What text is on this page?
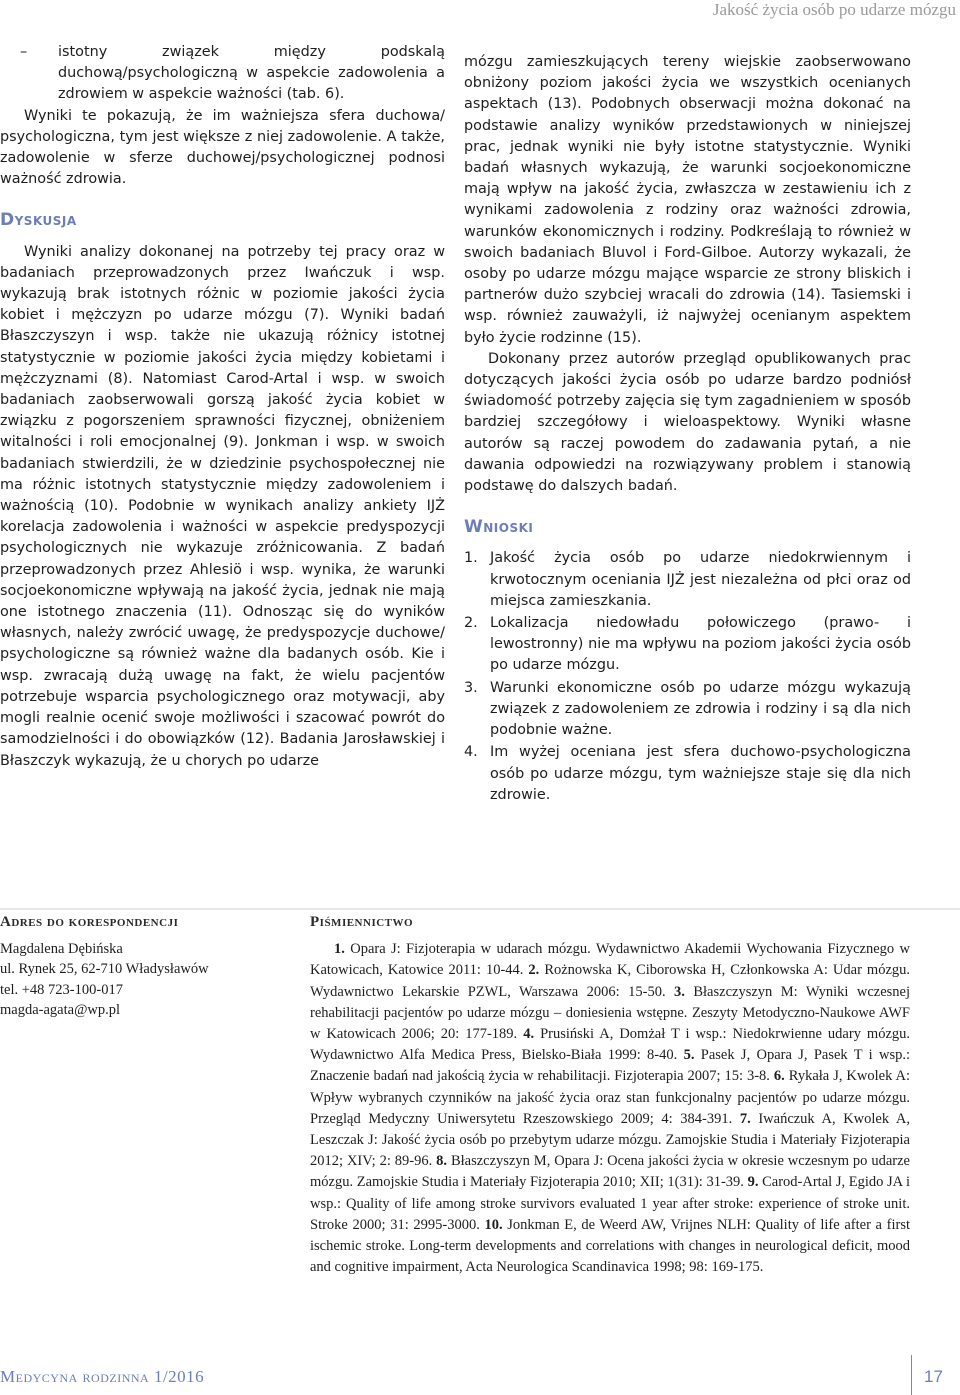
Jakość życia osób po udarze mózgu

– istotny związek między podskalą duchową/psychologiczną w aspekcie zadowolenia a zdrowiem w aspekcie ważności (tab. 6).

Wyniki te pokazują, że im ważniejsza sfera duchowa/ psychologiczna, tym jest większe z niej zadowolenie. A także, zadowolenie w sferze duchowej/psychologicznej podnosi ważność zdrowia.

Dyskusja

Wyniki analizy dokonanej na potrzeby tej pracy oraz w badaniach przeprowadzonych przez Iwańczuk i wsp. wykazują brak istotnych różnic w poziomie jakości życia kobiet i mężczyzn po udarze mózgu (7). Wyniki badań Błaszczyszyn i wsp. także nie ukazują różnicy istotnej statystycznie w poziomie jakości życia między kobietami i mężczyznami (8). Natomiast Carod-Artal i wsp. w swoich badaniach zaobserwowali gorszą jakość życia kobiet w związku z pogorszeniem sprawności fizycznej, obniżeniem witalności i roli emocjonalnej (9). Jonkman i wsp. w swoich badaniach stwierdzili, że w dziedzinie psychospołecznej nie ma różnic istotnych statystycznie między zadowoleniem i ważnością (10). Podobnie w wynikach analizy ankiety IJŻ korelacja zadowolenia i ważności w aspekcie predyspozycji psychologicznych nie wykazuje zróżnicowania. Z badań przeprowadzonych przez Ahlesiö i wsp. wynika, że warunki socjoekonomiczne wpływają na jakość życia, jednak nie mają one istotnego znaczenia (11). Odnosząc się do wyników własnych, należy zwrócić uwagę, że predyspozycje duchowe/ psychologiczne są również ważne dla badanych osób. Kie i wsp. zwracają dużą uwagę na fakt, że wielu pacjentów potrzebuje wsparcia psychologicznego oraz motywacji, aby mogli realnie ocenić swoje możliwości i szacować powrót do samodzielności i do obowiązków (12). Badania Jarosławskiej i Błaszczyk wykazują, że u chorych po udarze

mózgu zamieszkujących tereny wiejskie zaobserwowano obniżony poziom jakości życia we wszystkich ocenianych aspektach (13). Podobnych obserwacji można dokonać na podstawie analizy wyników przedstawionych w niniejszej prac, jednak wyniki nie były istotne statystycznie. Wyniki badań własnych wykazują, że warunki socjoekonomiczne mają wpływ na jakość życia, zwłaszcza w zestawieniu ich z wynikami zadowolenia z rodziny oraz ważności zdrowia, warunków ekonomicznych i rodziny. Podkreślają to również w swoich badaniach Bluvol i Ford-Gilboe. Autorzy wykazali, że osoby po udarze mózgu mające wsparcie ze strony bliskich i partnerów dużo szybciej wracali do zdrowia (14). Tasiemski i wsp. również zauważyli, iż najwyżej ocenianym aspektem było życie rodzinne (15).

Dokonany przez autorów przegląd opublikowanych prac dotyczących jakości życia osób po udarze bardzo podniósł świadomość potrzeby zajęcia się tym zagadnieniem w sposób bardziej szczegółowy i wieloaspektowy. Wyniki własne autorów są raczej powodem do zadawania pytań, a nie dawania odpowiedzi na rozwiązywany problem i stanowią podstawę do dalszych badań.

Wnioski
1. Jakość życia osób po udarze niedokrwiennym i krwotocznym oceniania IJŻ jest niezależna od płci oraz od miejsca zamieszkania.
2. Lokalizacja niedowładu połowiczego (prawo- i lewostronny) nie ma wpływu na poziom jakości życia osób po udarze mózgu.
3. Warunki ekonomiczne osób po udarze mózgu wykazują związek z zadowoleniem ze zdrowia i rodziny i są dla nich podobnie ważne.
4. Im wyżej oceniana jest sfera duchowo-psychologiczna osób po udarze mózgu, tym ważniejsze staje się dla nich zdrowie.
Adres do korespondencji
Magdalena Dębińska
ul. Rynek 25, 62-710 Władysławów
tel. +48 723-100-017
magda-agata@wp.pl
Piśmiennictwo
1. Opara J: Fizjoterapia w udarach mózgu. Wydawnictwo Akademii Wychowania Fizycznego w Katowicach, Katowice 2011: 10-44. 2. Rożnowska K, Ciborowska H, Członkowska A: Udar mózgu. Wydawnictwo Lekarskie PZWL, Warszawa 2006: 15-50. 3. Błaszczyszyn M: Wyniki wczesnej rehabilitacji pacjentów po udarze mózgu – doniesienia wstępne. Zeszyty Metodyczno-Naukowe AWF w Katowicach 2006; 20: 177-189. 4. Prusiński A, Domżał T i wsp.: Niedokrwienne udary mózgu. Wydawnictwo Alfa Medica Press, Bielsko-Biała 1999: 8-40. 5. Pasek J, Opara J, Pasek T i wsp.: Znaczenie badań nad jakością życia w rehabilitacji. Fizjoterapia 2007; 15: 3-8. 6. Rykała J, Kwolek A: Wpływ wybranych czynników na jakość życia oraz stan funkcjonalny pacjentów po udarze mózgu. Przegląd Medyczny Uniwersytetu Rzeszowskiego 2009; 4: 384-391. 7. Iwańczuk A, Kwolek A, Leszczak J: Jakość życia osób po przebytym udarze mózgu. Zamojskie Studia i Materiały Fizjoterapia 2012; XIV; 2: 89-96. 8. Błaszczyszyn M, Opara J: Ocena jakości życia w okresie wczesnym po udarze mózgu. Zamojskie Studia i Materiały Fizjoterapia 2010; XII; 1(31): 31-39. 9. Carod-Artal J, Egido JA i wsp.: Quality of life among stroke survivors evaluated 1 year after stroke: experience of stroke unit. Stroke 2000; 31: 2995-3000. 10. Jonkman E, de Weerd AW, Vrijnes NLH: Quality of life after a first ischemic stroke. Long-term developments and correlations with changes in neurological deficit, mood and cognitive impairment, Acta Neurologica Scandinavica 1998; 98: 169-175.
Medycyna rodzinna 1/2016	17
